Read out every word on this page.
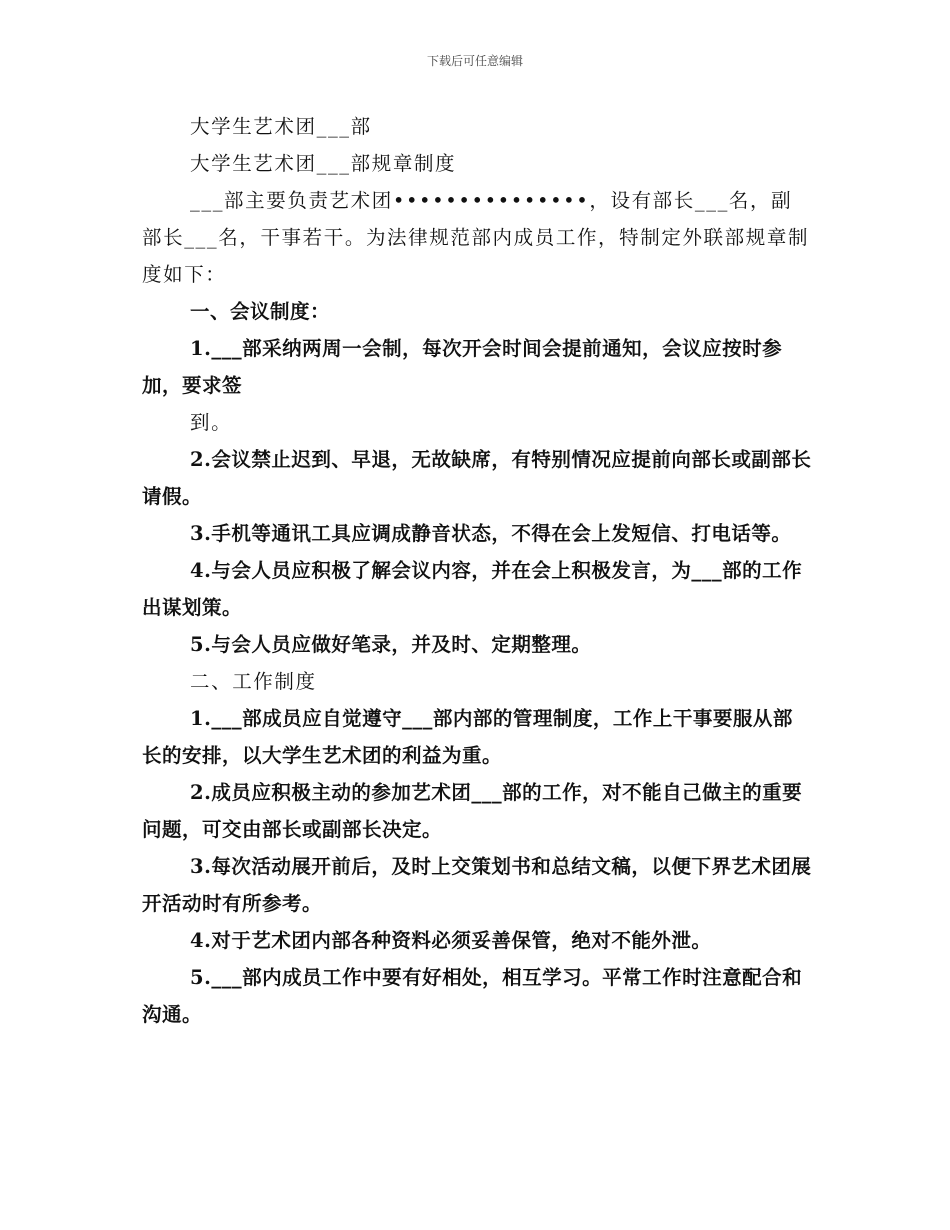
下载后可任意编辑

大学生艺术团___部

大学生艺术团___部规章制度

___部主要负责艺术团•••••••••••••••，设有部长___名，副部长___名，干事若干。为法律规范部内成员工作，特制定外联部规章制度如下：

一、会议制度：

1.___部采纳两周一会制，每次开会时间会提前通知，会议应按时参加，要求签

到。

2.会议禁止迟到、早退，无故缺席，有特别情况应提前向部长或副部长请假。

3.手机等通讯工具应调成静音状态，不得在会上发短信、打电话等。

4.与会人员应积极了解会议内容，并在会上积极发言，为___部的工作出谋划策。

5.与会人员应做好笔录，并及时、定期整理。

二、工作制度

1.___部成员应自觉遵守___部内部的管理制度，工作上干事要服从部长的安排，以大学生艺术团的利益为重。

2.成员应积极主动的参加艺术团___部的工作，对不能自己做主的重要问题，可交由部长或副部长决定。

3.每次活动展开前后，及时上交策划书和总结文稿，以便下界艺术团展开活动时有所参考。

4.对于艺术团内部各种资料必须妥善保管，绝对不能外泄。

5.___部内成员工作中要有好相处，相互学习。平常工作时注意配合和沟通。
